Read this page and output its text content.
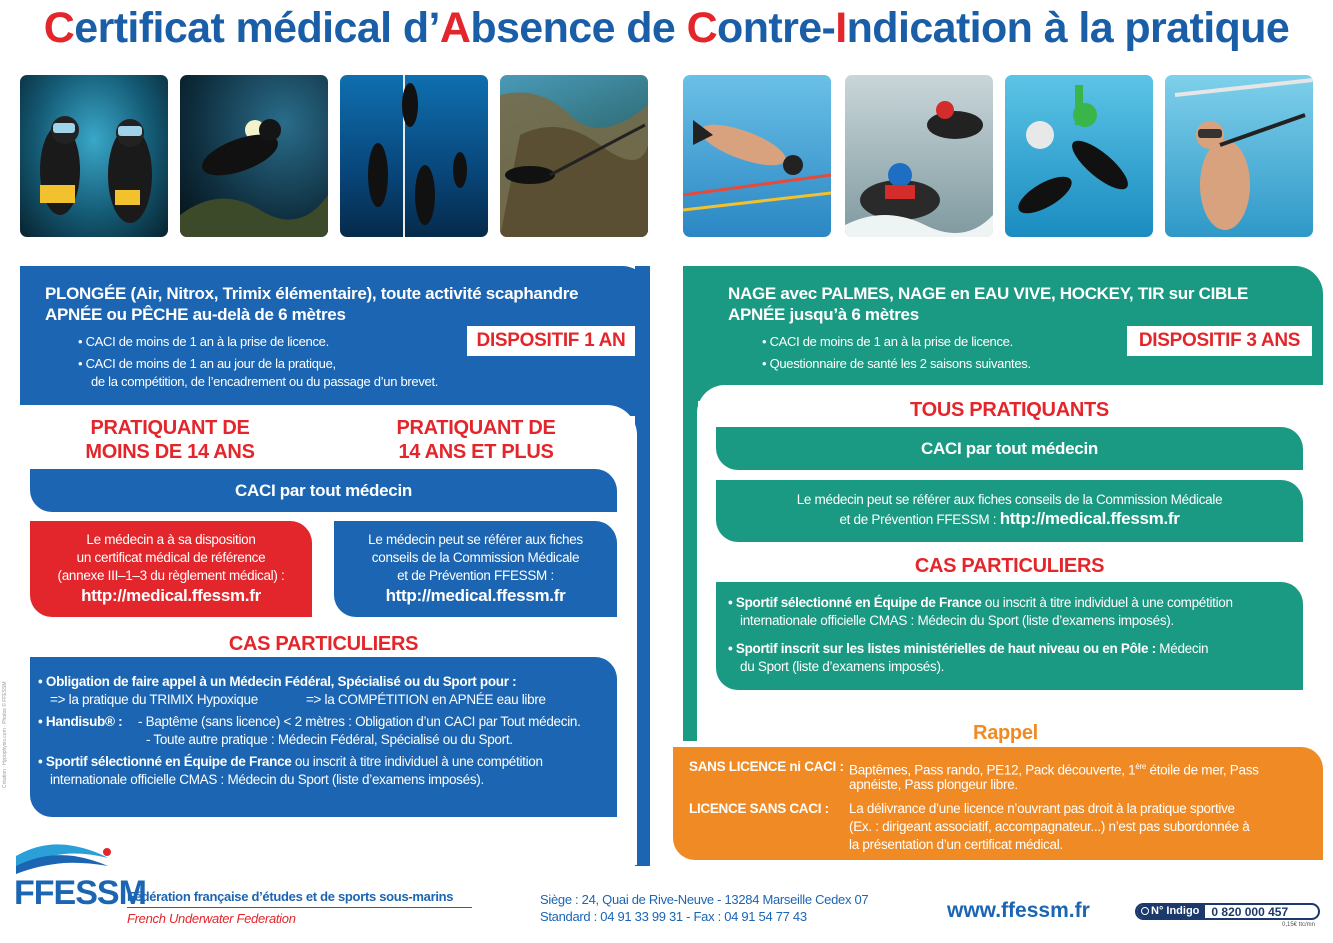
Certificat médical d’Absence de Contre-Indication à la pratique
PLONGÉE (Air, Nitrox, Trimix élémentaire), toute activité scaphandre
APNÉE ou PÊCHE au-delà de 6 mètres
• CACI de moins de 1 an à la prise de licence.
• CACI de moins de 1 an au jour de la pratique,
de la compétition, de l’encadrement ou du passage d’un brevet.
DISPOSITIF 1 AN
PRATIQUANT DE
MOINS DE 14 ANS
PRATIQUANT DE
14 ANS ET PLUS
CACI par tout médecin
Le médecin a à sa disposition
un certificat médical de référence
(annexe III–1–3 du règlement médical) :
http://medical.ffessm.fr
Le médecin peut se référer aux fiches
conseils de la Commission Médicale
et de Prévention FFESSM :
http://medical.ffessm.fr
CAS PARTICULIERS
• Obligation de faire appel à un Médecin Fédéral, Spécialisé ou du Sport pour :
=> la pratique du TRIMIX Hypoxique	=> la COMPÉTITION en APNÉE eau libre
• Handisub® : - Baptême (sans licence) < 2 mètres : Obligation d’un CACI par Tout médecin.
- Toute autre pratique : Médecin Fédéral, Spécialisé ou du Sport.
• Sportif sélectionné en Équipe de France ou inscrit à titre individuel à une compétition
internationale officielle CMAS : Médecin du Sport (liste d’examens imposés).
Création : Hypophysis.com · Photos © FFESSM
NAGE avec PALMES, NAGE en EAU VIVE, HOCKEY, TIR sur CIBLE
APNÉE jusqu’à 6 mètres
• CACI de moins de 1 an à la prise de licence.
• Questionnaire de santé les 2 saisons suivantes.
DISPOSITIF 3 ANS
TOUS PRATIQUANTS
CACI par tout médecin
Le médecin peut se référer aux fiches conseils de la Commission Médicale
et de Prévention FFESSM : http://medical.ffessm.fr
CAS PARTICULIERS
• Sportif sélectionné en Équipe de France ou inscrit à titre individuel à une compétition
internationale officielle CMAS : Médecin du Sport (liste d’examens imposés).
• Sportif inscrit sur les listes ministérielles de haut niveau ou en Pôle : Médecin
du Sport (liste d’examens imposés).
Rappel
SANS LICENCE ni CACI : Baptêmes, Pass rando, PE12, Pack découverte, 1ère étoile de mer, Pass
apnéiste, Pass plongeur libre.
LICENCE SANS CACI : La délivrance d’une licence n’ouvrant pas droit à la pratique sportive
(Ex. : dirigeant associatif, accompagnateur...) n’est pas subordonnée à
la présentation d’un certificat médical.
FFESSM
Fédération française d’études et de sports sous-marins
French Underwater Federation
Siège : 24, Quai de Rive-Neuve - 13284 Marseille Cedex 07
Standard : 04 91 33 99 31 - Fax : 04 91 54 77 43	www.ffessm.fr	N° Indigo	0 820 000 457
0,15€ ttc/mn
